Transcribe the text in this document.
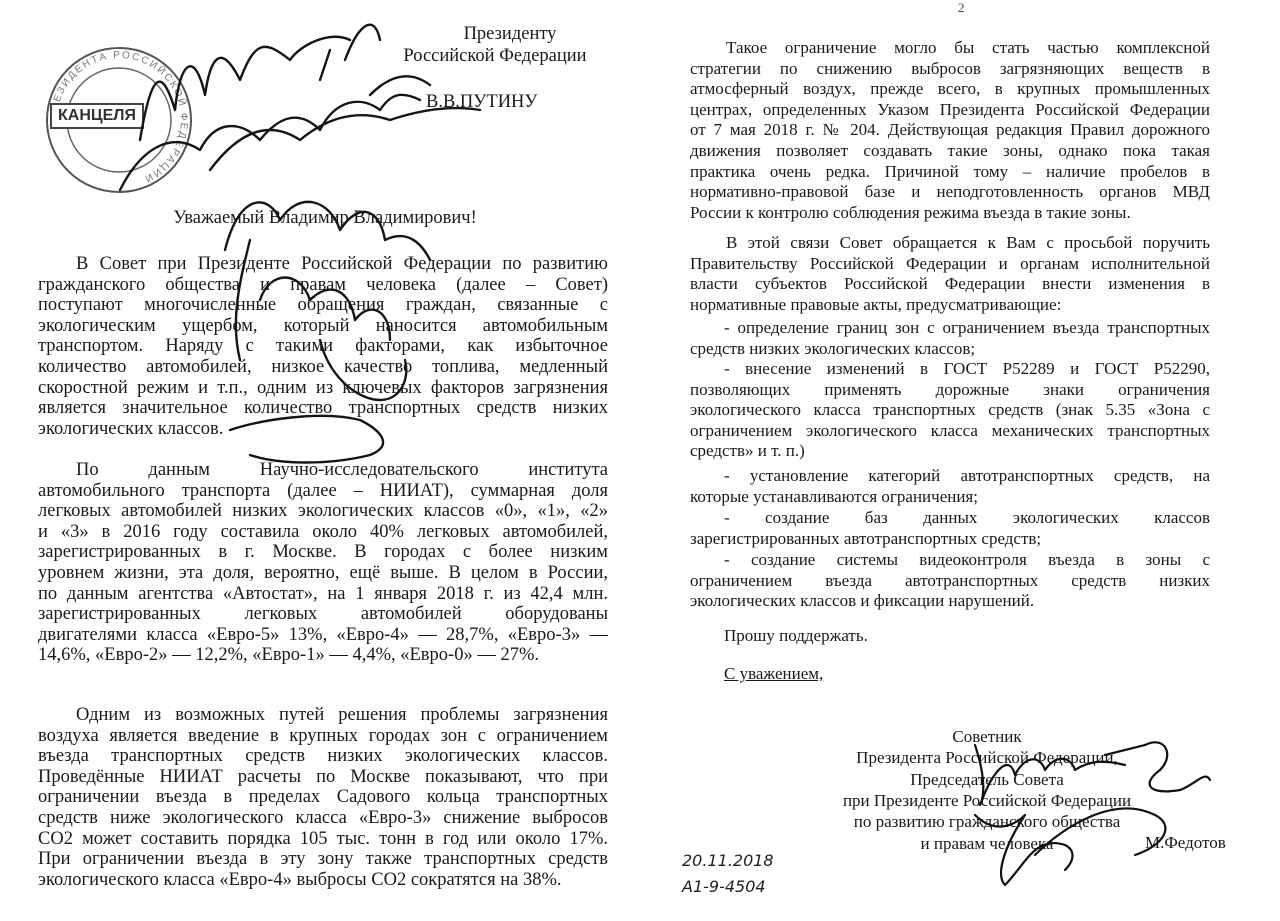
Президенту
Российской Федерации
В.В.ПУТИНУ
ЕЗИДЕНТА РОССИЙСКОЙ ФЕДЕРАЦИИ
КАНЦЕЛЯ
Уважаемый Владимир Владимирович!
В Совет при Президенте Российской Федерации по развитию
гражданского общества и правам человека (далее – Совет)
поступают многочисленные обращения граждан, связанные с
экологическим ущербом, который наносится автомобильным
транспортом. Наряду с такими факторами, как избыточное
количество автомобилей, низкое качество топлива, медленный
скоростной режим и т.п., одним из ключевых факторов загрязнения
является значительное количество транспортных средств низких
экологических классов.
По данным Научно-исследовательского института
автомобильного транспорта (далее – НИИАТ), суммарная доля
легковых автомобилей низких экологических классов «0», «1», «2»
и «3» в 2016 году составила около 40% легковых автомобилей,
зарегистрированных в г. Москве. В городах с более низким
уровнем жизни, эта доля, вероятно, ещё выше. В целом в России,
по данным агентства «Автостат», на 1 января 2018 г. из 42,4 млн.
зарегистрированных легковых автомобилей оборудованы
двигателями класса «Евро-5» 13%, «Евро-4» — 28,7%, «Евро-3» —
14,6%, «Евро-2» — 12,2%, «Евро-1» — 4,4%, «Евро-0» — 27%.
Одним из возможных путей решения проблемы загрязнения
воздуха является введение в крупных городах зон с ограничением
въезда транспортных средств низких экологических классов.
Проведённые НИИАТ расчеты по Москве показывают, что при
ограничении въезда в пределах Садового кольца транспортных
средств ниже экологического класса «Евро-3» снижение выбросов
CO2 может составить порядка 105 тыс. тонн в год или около 17%.
При ограничении въезда в эту зону также транспортных средств
экологического класса «Евро-4» выбросы CO2 сократятся на 38%.
2
Такое ограничение могло бы стать частью комплексной
стратегии по снижению выбросов загрязняющих веществ в
атмосферный воздух, прежде всего, в крупных промышленных
центрах, определенных Указом Президента Российской Федерации
от 7 мая 2018 г. № 204. Действующая редакция Правил дорожного
движения позволяет создавать такие зоны, однако пока такая
практика очень редка. Причиной тому – наличие пробелов в
нормативно-правовой базе и неподготовленность органов МВД
России к контролю соблюдения режима въезда в такие зоны.
В этой связи Совет обращается к Вам с просьбой поручить
Правительству Российской Федерации и органам исполнительной
власти субъектов Российской Федерации внести изменения в
нормативные правовые акты, предусматривающие:
- определение границ зон с ограничением въезда транспортных
средств низких экологических классов;
- внесение изменений в ГОСТ Р52289 и ГОСТ Р52290,
позволяющих применять дорожные знаки ограничения
экологического класса транспортных средств (знак 5.35 «Зона с
ограничением экологического класса механических транспортных
средств» и т. п.)
- установление категорий автотранспортных средств, на
которые устанавливаются ограничения;
- создание баз данных экологических классов
зарегистрированных автотранспортных средств;
- создание системы видеоконтроля въезда в зоны с
ограничением въезда автотранспортных средств низких
экологических классов и фиксации нарушений.
Прошу поддержать.
С уважением,
Советник
Президента Российской Федерации,
Председатель Совета
при Президенте Российской Федерации
по развитию гражданского общества
и правам человека	М.Федотов
20.11.2018
А1-9-4504
